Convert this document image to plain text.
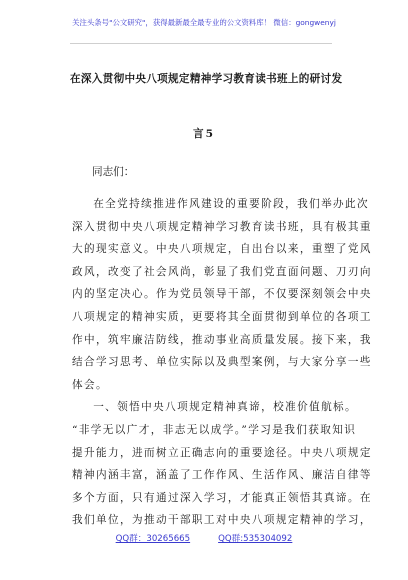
关注头条号"公文研究"，获得最新最全最专业的公文资料库！ 微信：gongwenyj
在深入贯彻中央八项规定精神学习教育读书班上的研讨发
言5
同志们：
在全党持续推进作风建设的重要阶段，我们举办此次
深入贯彻中央八项规定精神学习教育读书班，具有极其重
大的现实意义。中央八项规定，自出台以来，重塑了党风
政风，改变了社会风尚，彰显了我们党直面问题、刀刃向
内的坚定决心。作为党员领导干部，不仅要深刻领会中央
八项规定的精神实质，更要将其全面贯彻到单位的各项工
作中，筑牢廉洁防线，推动事业高质量发展。接下来，我
结合学习思考、单位实际以及典型案例，与大家分享一些
体会。
一、领悟中央八项规定精神真谛，校准价值航标。
“非学无以广才，非志无以成学。”学习是我们获取知识
提升能力，进而树立正确志向的重要途径。中央八项规定
精神内涵丰富，涵盖了工作作风、生活作风、廉洁自律等
多个方面，只有通过深入学习，才能真正领悟其真谛。在
我们单位，为推动干部职工对中央八项规定精神的学习，
QQ群：30265665	QQ群:535304092
